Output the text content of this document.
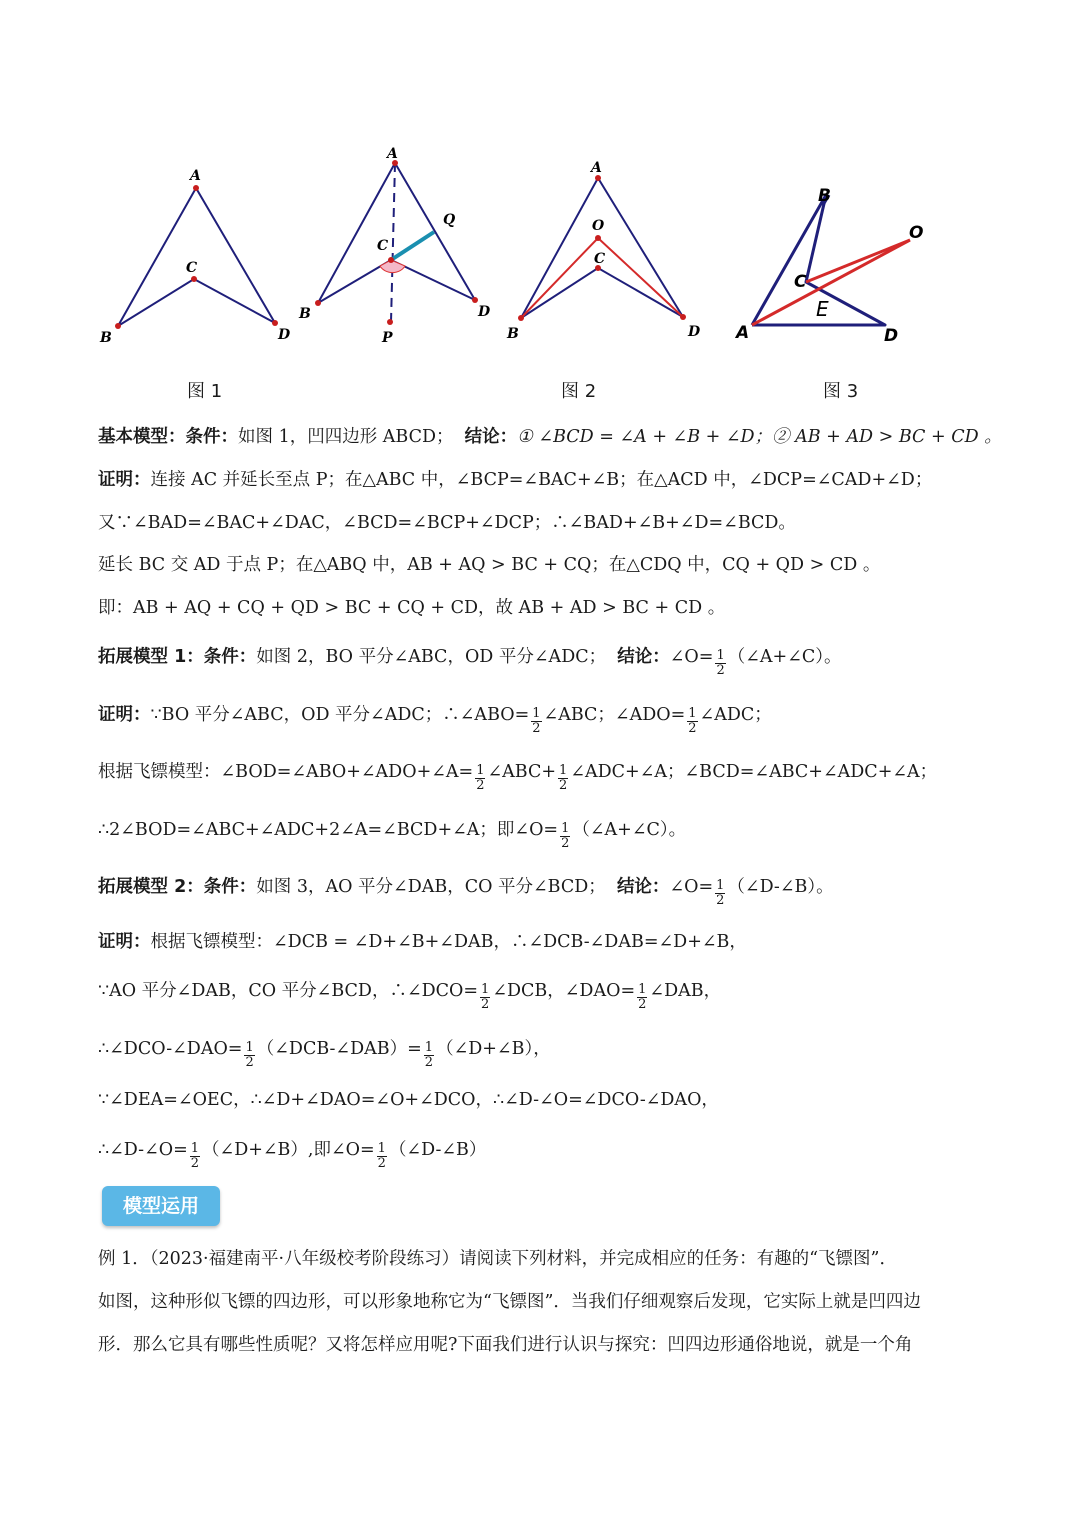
A
C
B	D
A
C
Q
B	D
P
A
O
C
B	D
B
C
E
O
A	D
图 1	图 2	图 3
基本模型：条件：如图 1，凹四边形 ABCD； 结论：① ∠BCD = ∠A + ∠B + ∠D；② AB + AD > BC + CD 。
证明：连接 AC 并延长至点 P；在△ABC 中，∠BCP=∠BAC+∠B；在△ACD 中，∠DCP=∠CAD+∠D；
又∵∠BAD=∠BAC+∠DAC，∠BCD=∠BCP+∠DCP；∴∠BAD+∠B+∠D=∠BCD。
延长 BC 交 AD 于点 P；在△ABQ 中，AB + AQ > BC + CQ；在△CDQ 中，CQ + QD > CD 。
即：AB + AQ + CQ + QD > BC + CQ + CD，故 AB + AD > BC + CD 。
拓展模型 1：条件：如图 2，BO 平分∠ABC，OD 平分∠ADC； 结论：∠O= $\frac{1}{2}$ （∠A+∠C）。
证明：∵BO 平分∠ABC，OD 平分∠ADC；∴∠ABO= $\frac{1}{2}$ ∠ABC；∠ADO= $\frac{1}{2}$ ∠ADC；
根据飞镖模型：∠BOD=∠ABO+∠ADO+∠A= $\frac{1}{2}$ ∠ABC+ $\frac{1}{2}$ ∠ADC+∠A；∠BCD=∠ABC+∠ADC+∠A；
∴2∠BOD=∠ABC+∠ADC+2∠A=∠BCD+∠A；即∠O= $\frac{1}{2}$ （∠A+∠C）。
拓展模型 2：条件：如图 3，AO 平分∠DAB，CO 平分∠BCD； 结论：∠O= $\frac{1}{2}$ （∠D-∠B）。
证明：根据飞镖模型：∠DCB = ∠D+∠B+∠DAB，∴∠DCB-∠DAB=∠D+∠B，
∵AO 平分∠DAB，CO 平分∠BCD，∴∠DCO= $\frac{1}{2}$ ∠DCB，∠DAO= $\frac{1}{2}$ ∠DAB，
∴∠DCO-∠DAO= $\frac{1}{2}$ （∠DCB-∠DAB）= $\frac{1}{2}$ （∠D+∠B），
∵∠DEA=∠OEC，∴∠D+∠DAO=∠O+∠DCO，∴∠D-∠O=∠DCO-∠DAO，
∴∠D-∠O= $\frac{1}{2}$ （∠D+∠B）,即∠O= $\frac{1}{2}$ （∠D-∠B）
模型运用
例 1．（2023·福建南平·八年级校考阶段练习）请阅读下列材料，并完成相应的任务：有趣的“飞镖图”．
如图，这种形似飞镖的四边形，可以形象地称它为“飞镖图”．当我们仔细观察后发现，它实际上就是凹四边
形．那么它具有哪些性质呢？又将怎样应用呢?下面我们进行认识与探究：凹四边形通俗地说，就是一个角
